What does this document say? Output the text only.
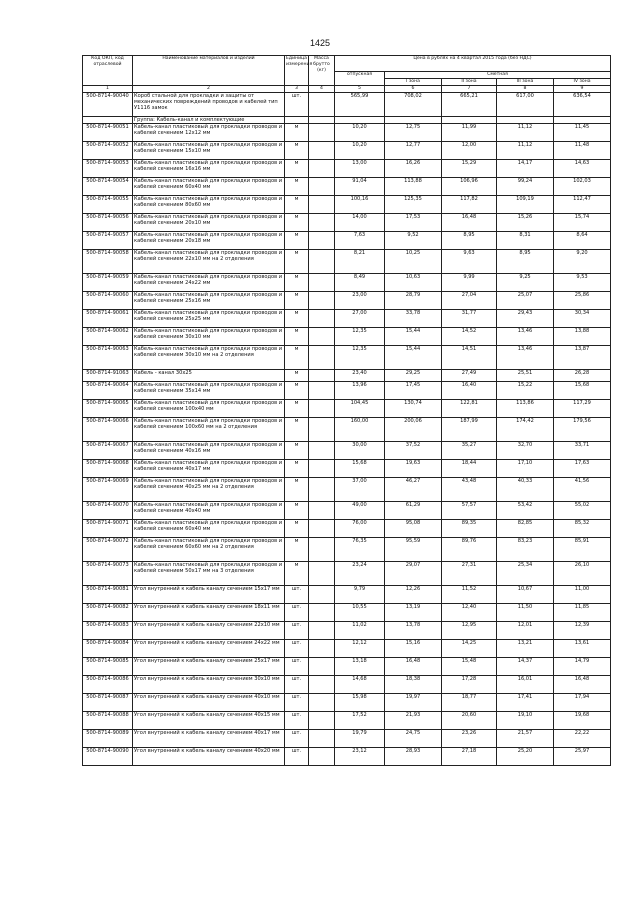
1425
Код ОКП, код отраслевой	Наименование материалов и изделий	Единица измерения	Масса брутто (кг)	Цена в рублях на 4 квартал 2015 года (без НДС)				
				отпускная	Сметная			
					I зона	II зона	III зона	IV зона
1	2	3	4	5	6	7	8	9
500-8714-90040	Короб стальной для прокладки и защиты от механических повреждений проводов и кабелей тип У1116 замок	шт.		565,99	708,02	665,21	617,00	636,54
	Группа: Кабель-канал и комплектующие							
500-8714-90051	Кабель-канал пластиковый для прокладки проводов и кабелей сечением 12x12 мм	м		10,20	12,75	11,99	11,12	11,45
500-8714-90052	Кабель-канал пластиковый для прокладки проводов и кабелей сечением 15x10 мм	м		10,20	12,77	12,00	11,12	11,48
500-8714-90053	Кабель-канал пластиковый для прокладки проводов и кабелей сечением 16x16 мм	м		13,00	16,26	15,29	14,17	14,63
500-8714-90054	Кабель-канал пластиковый для прокладки проводов и кабелей сечением 60x40 мм	м		91,04	113,88	106,96	99,24	102,03
500-8714-90055	Кабель-канал пластиковый для прокладки проводов и кабелей сечением 80x60 мм	м		100,16	125,35	117,82	109,19	112,47
500-8714-90056	Кабель-канал пластиковый для прокладки проводов и кабелей сечением 20x10 мм	м		14,00	17,53	16,48	15,26	15,74
500-8714-90057	Кабель-канал пластиковый для прокладки проводов и кабелей сечением 20x18 мм	м		7,63	9,52	8,95	8,31	8,64
500-8714-90058	Кабель-канал пластиковый для прокладки проводов и кабелей сечением 22x10 мм на 2 отделения	м		8,21	10,25	9,63	8,95	9,20
500-8714-90059	Кабель-канал пластиковый для прокладки проводов и кабелей сечением 24x22 мм	м		8,49	10,63	9,99	9,25	9,53
500-8714-90060	Кабель-канал пластиковый для прокладки проводов и кабелей сечением 25x16 мм	м		23,00	28,79	27,04	25,07	25,86
500-8714-90061	Кабель-канал пластиковый для прокладки проводов и кабелей сечением 25x25 мм	м		27,00	33,78	31,77	29,43	30,34
500-8714-90062	Кабель-канал пластиковый для прокладки проводов и кабелей сечением 30x10 мм	м		12,35	15,44	14,52	13,46	13,88
500-8714-90063	Кабель-канал пластиковый для прокладки проводов и кабелей сечением 30x10 мм на 2 отделения	м		12,35	15,44	14,51	13,46	13,87
500-8714-91063	Кабель - канал 30x25	м		23,40	29,25	27,49	25,51	26,28
500-8714-90064	Кабель-канал пластиковый для прокладки проводов и кабелей сечением 35x14 мм	м		13,96	17,45	16,40	15,22	15,68
500-8714-90065	Кабель-канал пластиковый для прокладки проводов и кабелей сечением 100x40 мм	м		104,45	130,74	122,81	113,86	117,29
500-8714-90066	Кабель-канал пластиковый для прокладки проводов и кабелей сечением 100x60 мм на 2 отделения	м		160,00	200,06	187,99	174,42	179,56
500-8714-90067	Кабель-канал пластиковый для прокладки проводов и кабелей сечением 40x16 мм	м		30,00	37,52	35,27	32,70	33,71
500-8714-90068	Кабель-канал пластиковый для прокладки проводов и кабелей сечением 40x17 мм	м		15,68	19,63	18,44	17,10	17,63
500-8714-90069	Кабель-канал пластиковый для прокладки проводов и кабелей сечением 40x25 мм на 2 отделения	м		37,00	46,27	43,48	40,33	41,56
500-8714-90070	Кабель-канал пластиковый для прокладки проводов и кабелей сечением 40x40 мм	м		49,00	61,29	57,57	53,42	55,02
500-8714-90071	Кабель-канал пластиковый для прокладки проводов и кабелей сечением 60x40 мм	м		76,00	95,08	89,35	82,85	85,32
500-8714-90072	Кабель-канал пластиковый для прокладки проводов и кабелей сечением 60x60 мм на 2 отделения	м		76,35	95,59	89,76	83,23	85,91
500-8714-90073	Кабель-канал пластиковый для прокладки проводов и кабелей сечением 50x17 мм на 3 отделения	м		23,24	29,07	27,31	25,34	26,10
500-8714-90081	Угол внутренний к кабель каналу сечением 15x17 мм	шт.		9,79	12,26	11,52	10,67	11,00
500-8714-90082	Угол внутренний к кабель каналу сечением 18x11 мм	шт.		10,55	13,19	12,40	11,50	11,85
500-8714-90083	Угол внутренний к кабель каналу сечением 22x10 мм	шт.		11,02	13,78	12,95	12,01	12,39
500-8714-90084	Угол внутренний к кабель каналу сечением 24x22 мм	шт.		12,12	15,16	14,25	13,21	13,61
500-8714-90085	Угол внутренний к кабель каналу сечением 25x17 мм	шт.		13,18	16,48	15,48	14,37	14,79
500-8714-90086	Угол внутренний к кабель каналу сечением 30x10 мм	шт.		14,68	18,38	17,28	16,01	16,48
500-8714-90087	Угол внутренний к кабель каналу сечением 40x10 мм	шт.		15,98	19,97	18,77	17,41	17,94
500-8714-90088	Угол внутренний к кабель каналу сечением 40x15 мм	шт.		17,52	21,93	20,60	19,10	19,68
500-8714-90089	Угол внутренний к кабель каналу сечением 40x17 мм	шт.		19,79	24,75	23,26	21,57	22,22
500-8714-90090	Угол внутренний к кабель каналу сечением 40x20 мм	шт.		23,12	28,93	27,18	25,20	25,97
